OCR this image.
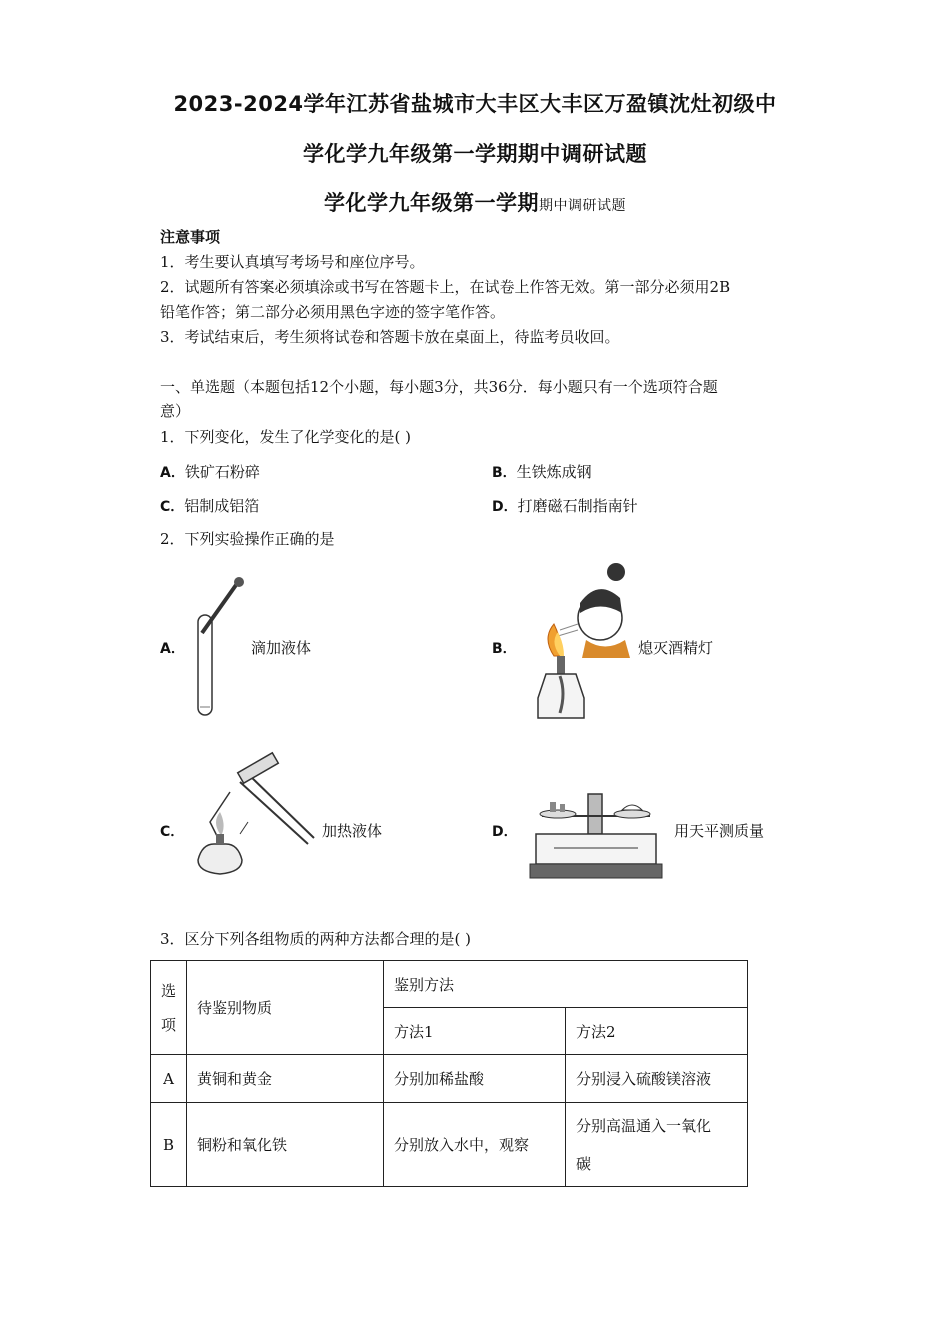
2023-2024学年江苏省盐城市大丰区大丰区万盈镇沈灶初级中
学化学九年级第一学期期中调研试题
学化学九年级第一学期期中调研试题
注意事项
1．考生要认真填写考场号和座位序号。
2．试题所有答案必须填涂或书写在答题卡上，在试卷上作答无效。第一部分必须用2B
铅笔作答；第二部分必须用黑色字迹的签字笔作答。
3．考试结束后，考生须将试卷和答题卡放在桌面上，待监考员收回。
一、单选题（本题包括12个小题，每小题3分，共36分．每小题只有一个选项符合题
意）
1．下列变化，发生了化学变化的是( )
A．铁矿石粉碎	B．生铁炼成钢
C．铝制成铝箔	D．打磨磁石制指南针
2．下列实验操作正确的是
A．	滴加液体	B．	熄灭酒精灯
C．	加热液体	D．	用天平测质量
3．区分下列各组物质的两种方法都合理的是( )
选
项	待鉴别物质	鉴别方法	
		方法1	方法2
A	黄铜和黄金	分别加稀盐酸	分别浸入硫酸镁溶液
B	铜粉和氧化铁	分别放入水中，观察	分别高温通入一氧化
碳
